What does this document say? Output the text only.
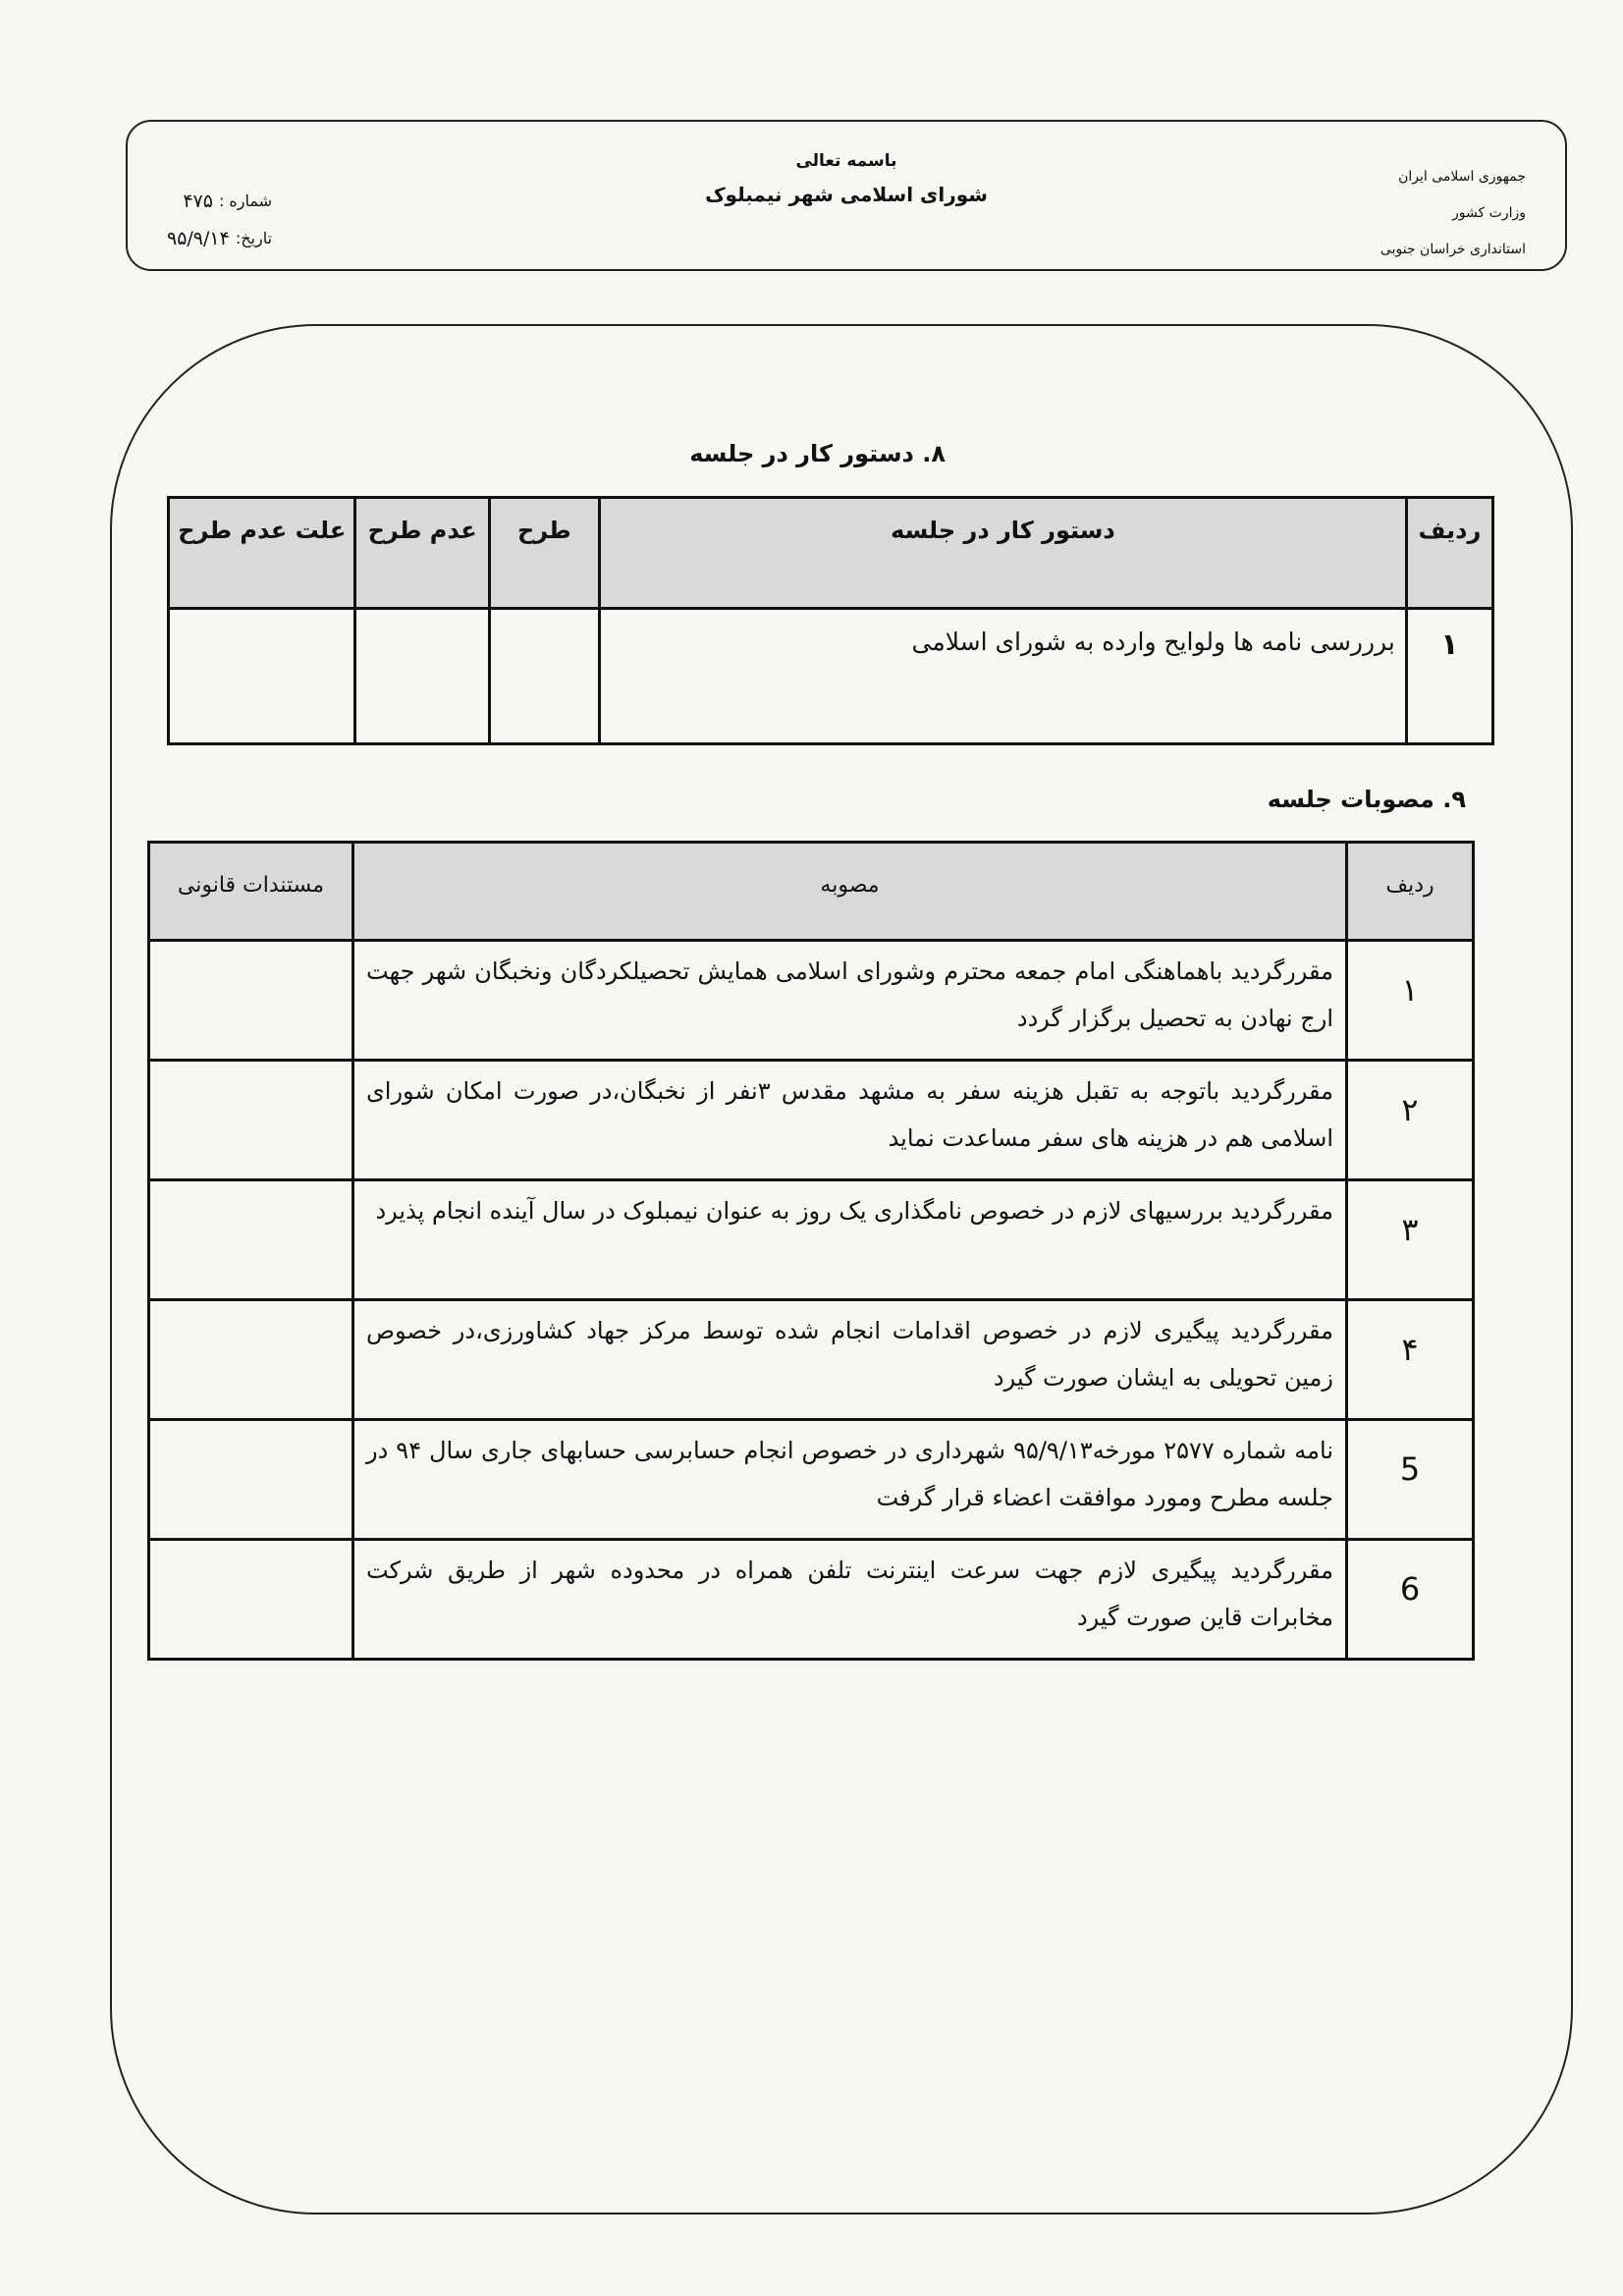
جمهوری اسلامی ایران
وزارت کشور
استانداری خراسان جنوبی
باسمه تعالی
شورای اسلامی شهر نیمبلوک
شماره :
۴۷۵
تاریخ:
۹۵/۹/۱۴
۸. دستور کار در جلسه
ردیف	دستور کار در جلسه	طرح	عدم طرح	علت عدم طرح
۱	برررسی نامه ها ولوایح وارده به شورای اسلامی			
۹. مصوبات جلسه
ردیف	مصوبه	مستندات قانونی
۱	مقررگردید باهماهنگی امام جمعه محترم وشورای اسلامی همایش تحصیلکردگان ونخبگان شهر جهت ارج نهادن به تحصیل برگزار گردد	
۲	مقررگردید باتوجه به تقبل هزینه سفر به مشهد مقدس ۳نفر از نخبگان،در صورت امکان شورای اسلامی هم در هزینه های سفر مساعدت نماید	
۳	مقررگردید بررسیهای لازم در خصوص نامگذاری یک روز به عنوان نیمبلوک در سال آینده انجام پذیرد	
۴	مقررگردید پیگیری لازم در خصوص اقدامات انجام شده توسط مرکز جهاد کشاورزی،در خصوص زمین تحویلی به ایشان صورت گیرد	
5	نامه شماره ۲۵۷۷ مورخه۹۵/۹/۱۳ شهرداری در خصوص انجام حسابرسی حسابهای جاری سال ۹۴ در جلسه مطرح ومورد موافقت اعضاء قرار گرفت	
6	مقررگردید پیگیری لازم جهت سرعت اینترنت تلفن همراه در محدوده شهر از طریق شرکت مخابرات قاین صورت گیرد	
